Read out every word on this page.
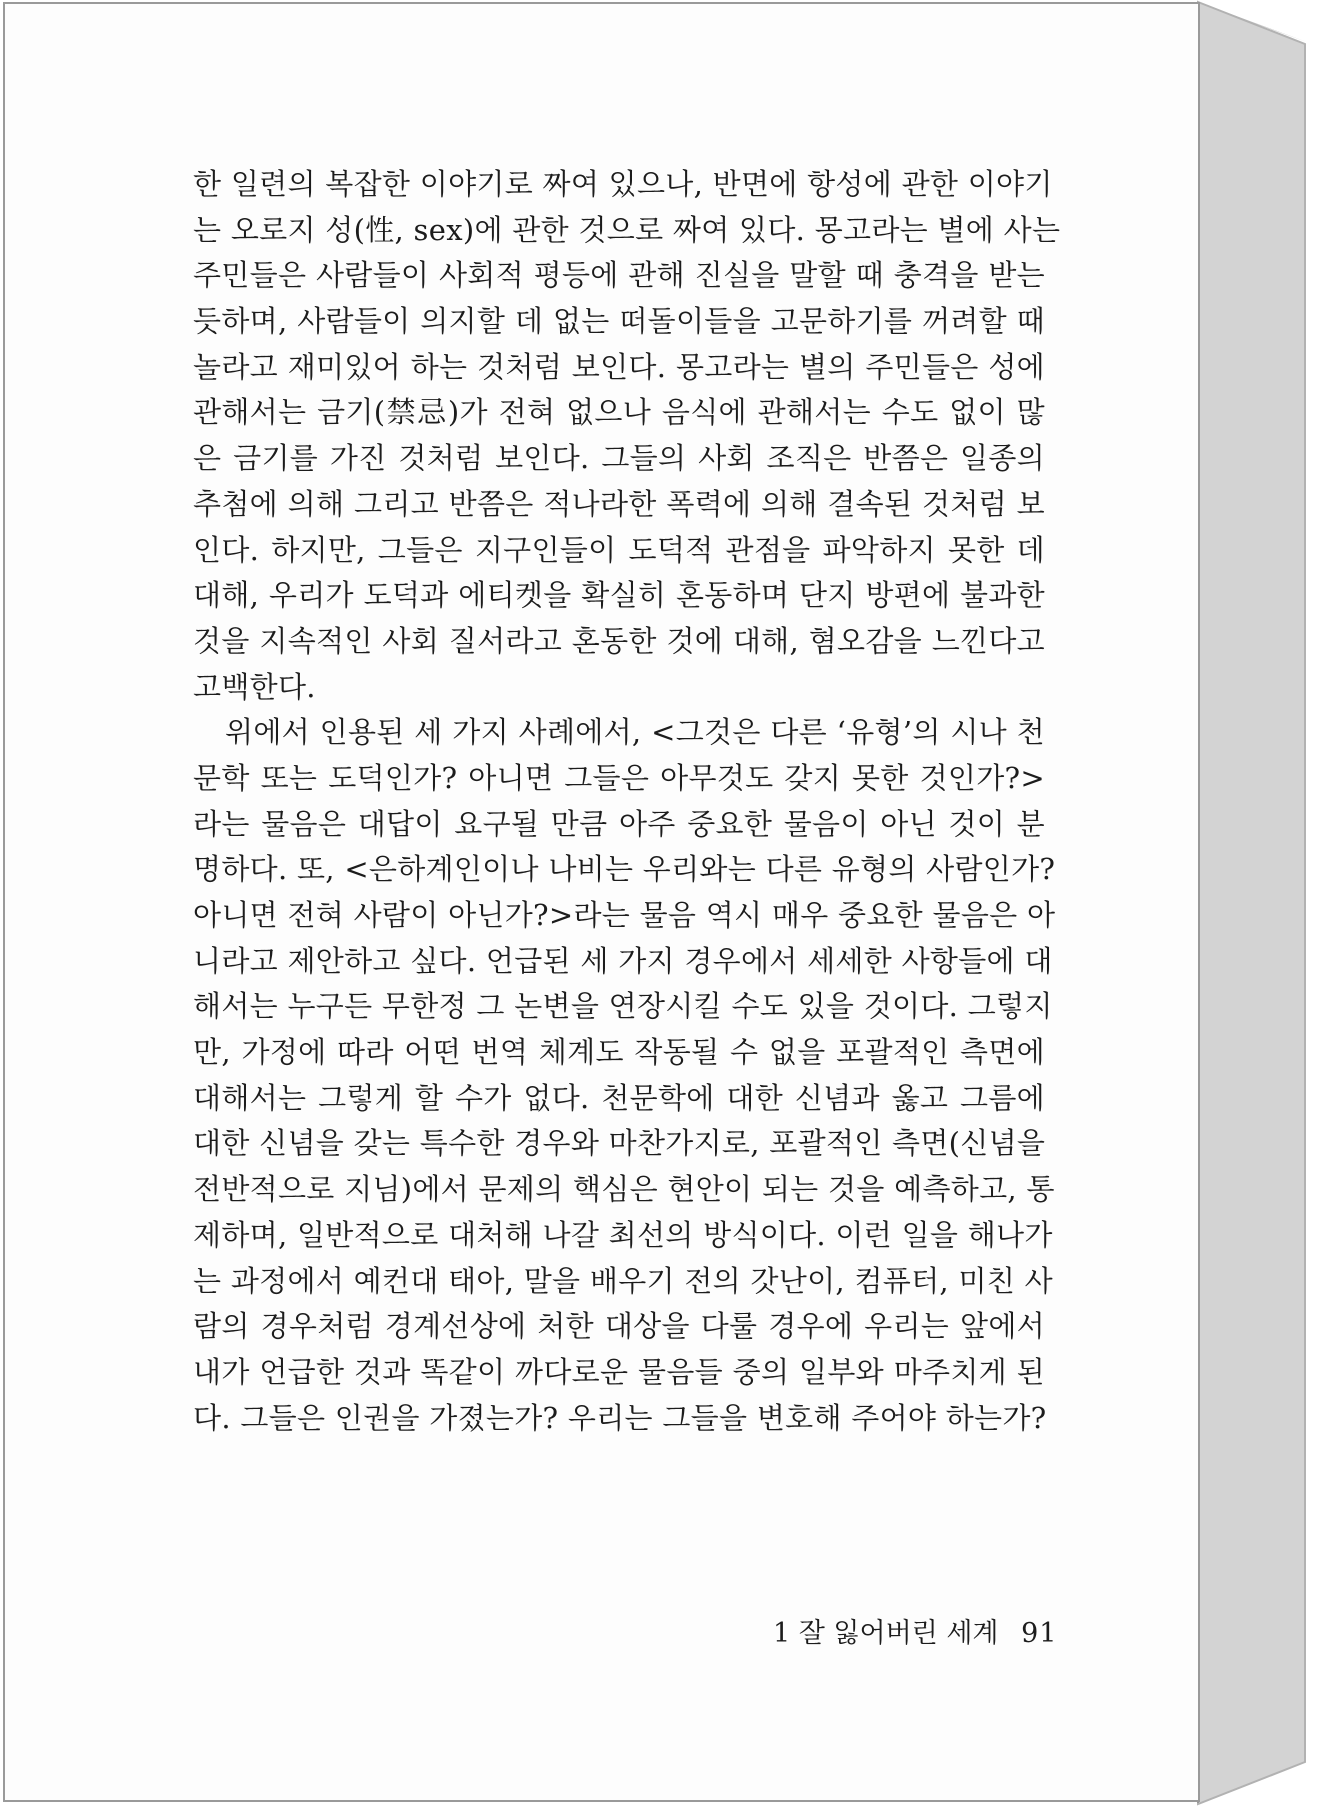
한 일련의 복잡한 이야기로 짜여 있으나, 반면에 항성에 관한 이야기
는 오로지 성(性, sex)에 관한 것으로 짜여 있다. 몽고라는 별에 사는
주민들은 사람들이 사회적 평등에 관해 진실을 말할 때 충격을 받는
듯하며, 사람들이 의지할 데 없는 떠돌이들을 고문하기를 꺼려할 때
놀라고 재미있어 하는 것처럼 보인다. 몽고라는 별의 주민들은 성에
관해서는 금기(禁忌)가 전혀 없으나 음식에 관해서는 수도 없이 많
은 금기를 가진 것처럼 보인다. 그들의 사회 조직은 반쯤은 일종의
추첨에 의해 그리고 반쯤은 적나라한 폭력에 의해 결속된 것처럼 보
인다. 하지만, 그들은 지구인들이 도덕적 관점을 파악하지 못한 데
대해, 우리가 도덕과 에티켓을 확실히 혼동하며 단지 방편에 불과한
것을 지속적인 사회 질서라고 혼동한 것에 대해, 혐오감을 느낀다고
고백한다.
위에서 인용된 세 가지 사례에서, <그것은 다른 ‘유형’의 시나 천
문학 또는 도덕인가? 아니면 그들은 아무것도 갖지 못한 것인가?>
라는 물음은 대답이 요구될 만큼 아주 중요한 물음이 아닌 것이 분
명하다. 또, <은하계인이나 나비는 우리와는 다른 유형의 사람인가?
아니면 전혀 사람이 아닌가?>라는 물음 역시 매우 중요한 물음은 아
니라고 제안하고 싶다. 언급된 세 가지 경우에서 세세한 사항들에 대
해서는 누구든 무한정 그 논변을 연장시킬 수도 있을 것이다. 그렇지
만, 가정에 따라 어떤 번역 체계도 작동될 수 없을 포괄적인 측면에
대해서는 그렇게 할 수가 없다. 천문학에 대한 신념과 옳고 그름에
대한 신념을 갖는 특수한 경우와 마찬가지로, 포괄적인 측면(신념을
전반적으로 지님)에서 문제의 핵심은 현안이 되는 것을 예측하고, 통
제하며, 일반적으로 대처해 나갈 최선의 방식이다. 이런 일을 해나가
는 과정에서 예컨대 태아, 말을 배우기 전의 갓난이, 컴퓨터, 미친 사
람의 경우처럼 경계선상에 처한 대상을 다룰 경우에 우리는 앞에서
내가 언급한 것과 똑같이 까다로운 물음들 중의 일부와 마주치게 된
다. 그들은 인권을 가졌는가? 우리는 그들을 변호해 주어야 하는가?
1 잘 잃어버린 세계 91
